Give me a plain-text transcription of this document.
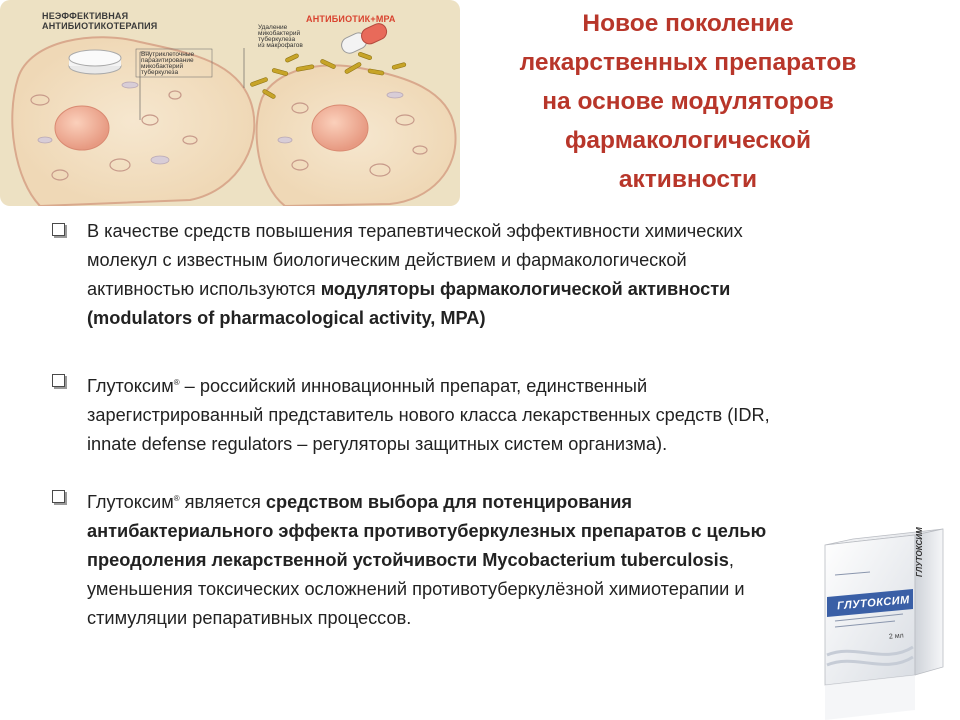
НЕЭФФЕКТИВНАЯ
АНТИБИОТИКОТЕРАПИЯ
Внутриклеточные
паразитирование
микобактерий
туберкулеза
АНТИБИОТИК+МРА
Удаление
микобактерий
туберкулеза
из макрофагов
Новое поколение
лекарственных препаратов
на основе модуляторов
фармакологической
активности
В качестве средств повышения терапевтической эффективности химических молекул с известным биологическим действием и фармакологической активностью используются модуляторы фармакологической активности (modulators of pharmacological activity, MPA)
Глутоксим® – российский инновационный препарат, единственный зарегистрированный представитель нового класса лекарственных средств (IDR, innate defense regulators – регуляторы защитных систем организма).
Глутоксим® является средством выбора для потенцирования антибактериального эффекта противотуберкулезных препаратов с целью преодоления лекарственной устойчивости Mycobacterium tuberculosis, уменьшения токсических осложнений противотуберкулёзной химиотерапии и стимуляции репаративных процессов.
ГЛУТОКСИМ
ГЛУТОКСИМ
2 мл
